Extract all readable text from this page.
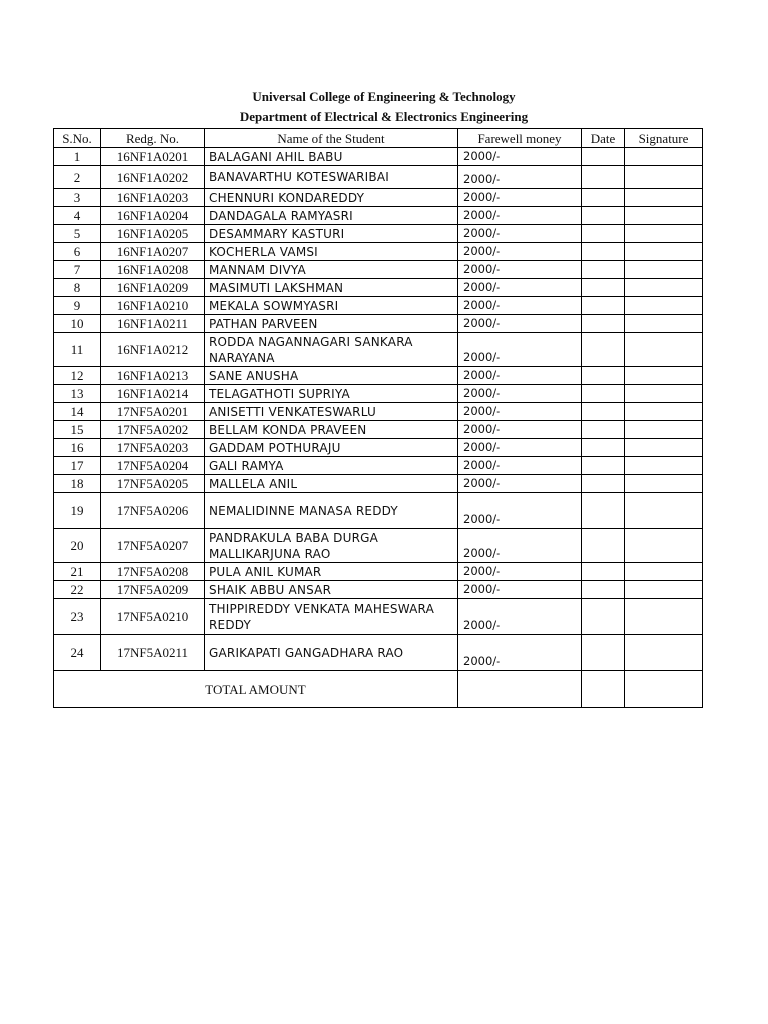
Universal College of Engineering & Technology
Department of Electrical & Electronics Engineering
S.No.	Redg. No.	Name of the Student	Farewell money	Date	Signature
1	16NF1A0201	BALAGANI AHIL BABU	2000/-		
2	16NF1A0202	BANAVARTHU KOTESWARIBAI	2000/-		
3	16NF1A0203	CHENNURI KONDAREDDY	2000/-		
4	16NF1A0204	DANDAGALA RAMYASRI	2000/-		
5	16NF1A0205	DESAMMARY KASTURI	2000/-		
6	16NF1A0207	KOCHERLA VAMSI	2000/-		
7	16NF1A0208	MANNAM DIVYA	2000/-		
8	16NF1A0209	MASIMUTI LAKSHMAN	2000/-		
9	16NF1A0210	MEKALA SOWMYASRI	2000/-		
10	16NF1A0211	PATHAN PARVEEN	2000/-		
11	16NF1A0212	RODDA NAGANNAGARI SANKARA NARAYANA	2000/-		
12	16NF1A0213	SANE ANUSHA	2000/-		
13	16NF1A0214	TELAGATHOTI SUPRIYA	2000/-		
14	17NF5A0201	ANISETTI VENKATESWARLU	2000/-		
15	17NF5A0202	BELLAM KONDA PRAVEEN	2000/-		
16	17NF5A0203	GADDAM POTHURAJU	2000/-		
17	17NF5A0204	GALI RAMYA	2000/-		
18	17NF5A0205	MALLELA ANIL	2000/-		
19	17NF5A0206	NEMALIDINNE MANASA REDDY	2000/-		
20	17NF5A0207	PANDRAKULA BABA DURGA MALLIKARJUNA RAO	2000/-		
21	17NF5A0208	PULA ANIL KUMAR	2000/-		
22	17NF5A0209	SHAIK ABBU ANSAR	2000/-		
23	17NF5A0210	THIPPIREDDY VENKATA MAHESWARA REDDY	2000/-		
24	17NF5A0211	GARIKAPATI GANGADHARA RAO	2000/-		
TOTAL AMOUNT					
